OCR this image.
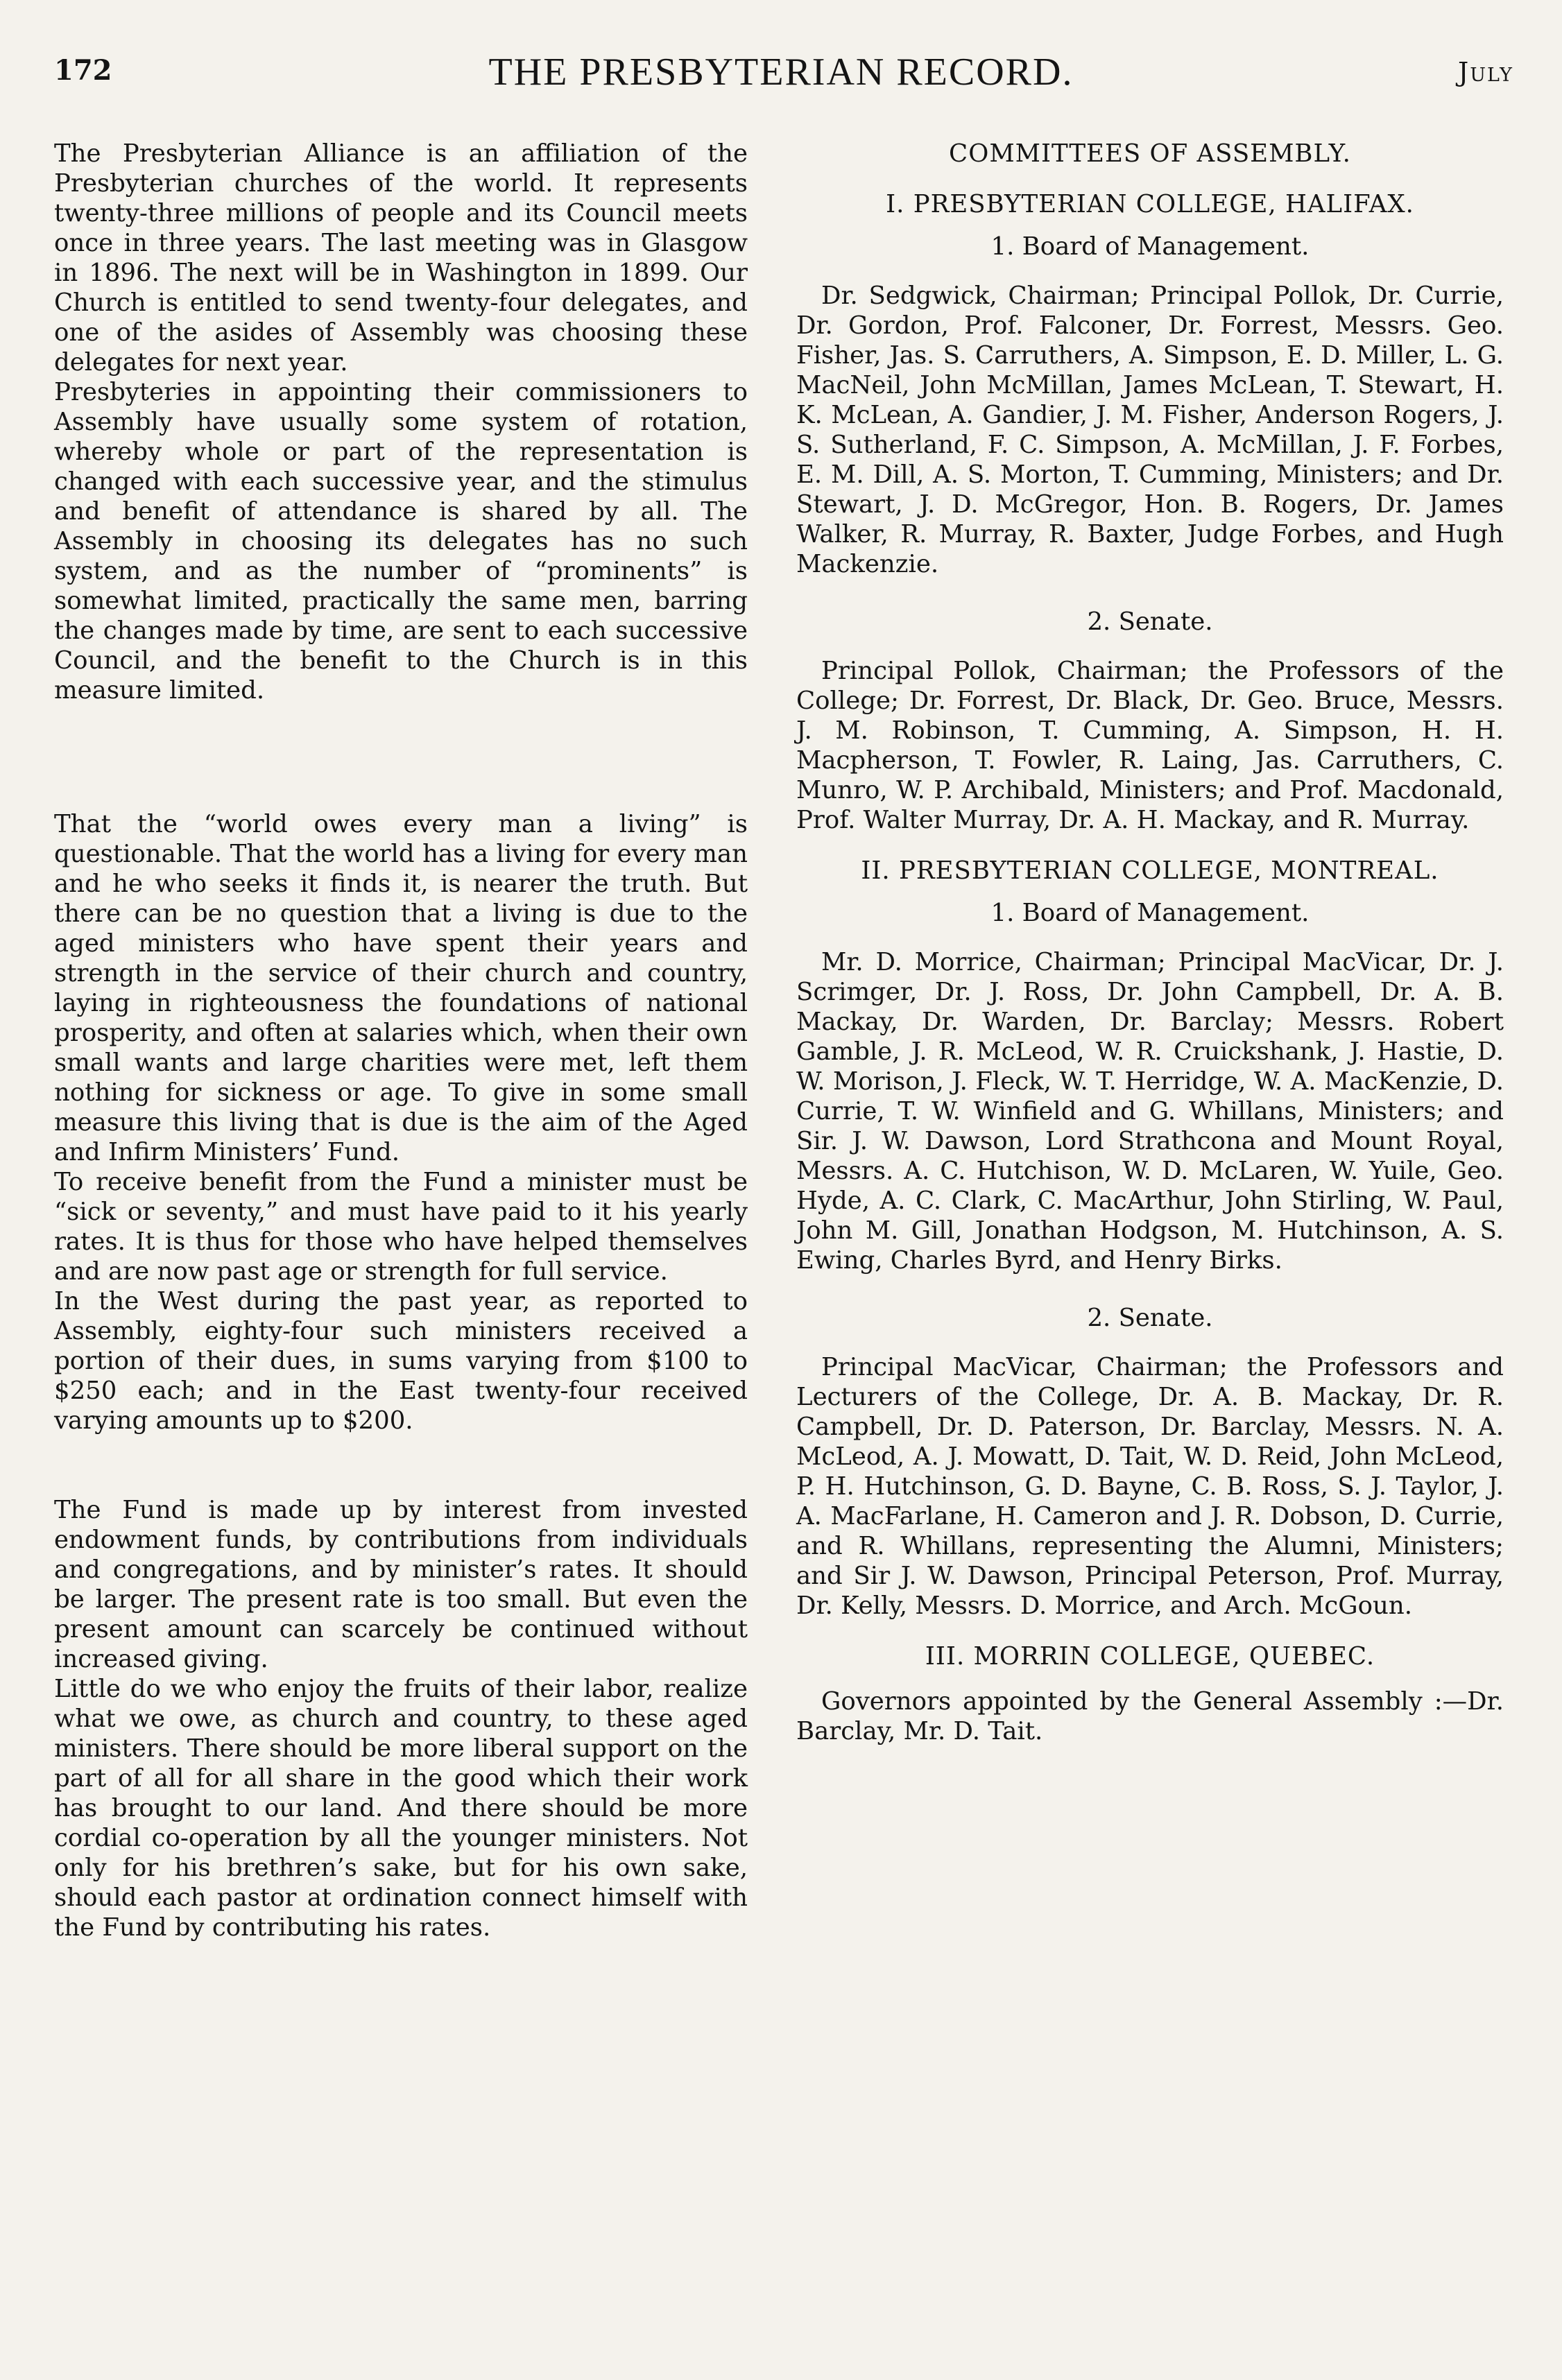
172	THE PRESBYTERIAN RECORD.	July

The Presbyterian Alliance is an affiliation of the Presbyterian churches of the world. It represents twenty-three millions of people and its Council meets once in three years. The last meeting was in Glasgow in 1896. The next will be in Washington in 1899. Our Church is entitled to send twenty-four delegates, and one of the asides of Assembly was choosing these delegates for next year.

Presbyteries in appointing their commissioners to Assembly have usually some system of rotation, whereby whole or part of the representation is changed with each successive year, and the stimulus and benefit of attendance is shared by all. The Assembly in choosing its delegates has no such system, and as the number of “prominents” is somewhat limited, practically the same men, barring the changes made by time, are sent to each successive Council, and the benefit to the Church is in this measure limited.

That the “world owes every man a living” is questionable. That the world has a living for every man and he who seeks it finds it, is nearer the truth. But there can be no question that a living is due to the aged ministers who have spent their years and strength in the service of their church and country, laying in righteousness the foundations of national prosperity, and often at salaries which, when their own small wants and large charities were met, left them nothing for sickness or age. To give in some small measure this living that is due is the aim of the Aged and Infirm Ministers’ Fund.

To receive benefit from the Fund a minister must be “sick or seventy,” and must have paid to it his yearly rates. It is thus for those who have helped themselves and are now past age or strength for full service.

In the West during the past year, as reported to Assembly, eighty-four such ministers received a portion of their dues, in sums varying from $100 to $250 each; and in the East twenty-four received varying amounts up to $200.

The Fund is made up by interest from invested endowment funds, by contributions from individuals and congregations, and by minister’s rates. It should be larger. The present rate is too small. But even the present amount can scarcely be continued without increased giving.

Little do we who enjoy the fruits of their labor, realize what we owe, as church and country, to these aged ministers. There should be more liberal support on the part of all for all share in the good which their work has brought to our land. And there should be more cordial co-operation by all the younger ministers. Not only for his brethren’s sake, but for his own sake, should each pastor at ordination connect himself with the Fund by contributing his rates.

COMMITTEES OF ASSEMBLY.

I. PRESBYTERIAN COLLEGE, HALIFAX.

1. Board of Management.

Dr. Sedgwick, Chairman; Principal Pollok, Dr. Currie, Dr. Gordon, Prof. Falconer, Dr. Forrest, Messrs. Geo. Fisher, Jas. S. Carruthers, A. Simpson, E. D. Miller, L. G. MacNeil, John McMillan, James McLean, T. Stewart, H. K. McLean, A. Gandier, J. M. Fisher, Anderson Rogers, J. S. Sutherland, F. C. Simpson, A. McMillan, J. F. Forbes, E. M. Dill, A. S. Morton, T. Cumming, Ministers; and Dr. Stewart, J. D. McGregor, Hon. B. Rogers, Dr. James Walker, R. Murray, R. Baxter, Judge Forbes, and Hugh Mackenzie.

2. Senate.

Principal Pollok, Chairman; the Professors of the College; Dr. Forrest, Dr. Black, Dr. Geo. Bruce, Messrs. J. M. Robinson, T. Cumming, A. Simpson, H. H. Macpherson, T. Fowler, R. Laing, Jas. Carruthers, C. Munro, W. P. Archibald, Ministers; and Prof. Macdonald, Prof. Walter Murray, Dr. A. H. Mackay, and R. Murray.

II. PRESBYTERIAN COLLEGE, MONTREAL.

1. Board of Management.

Mr. D. Morrice, Chairman; Principal MacVicar, Dr. J. Scrimger, Dr. J. Ross, Dr. John Campbell, Dr. A. B. Mackay, Dr. Warden, Dr. Barclay; Messrs. Robert Gamble, J. R. McLeod, W. R. Cruickshank, J. Hastie, D. W. Morison, J. Fleck, W. T. Herridge, W. A. MacKenzie, D. Currie, T. W. Winfield and G. Whillans, Ministers; and Sir. J. W. Dawson, Lord Strathcona and Mount Royal, Messrs. A. C. Hutchison, W. D. McLaren, W. Yuile, Geo. Hyde, A. C. Clark, C. MacArthur, John Stirling, W. Paul, John M. Gill, Jonathan Hodgson, M. Hutchinson, A. S. Ewing, Charles Byrd, and Henry Birks.

2. Senate.

Principal MacVicar, Chairman; the Professors and Lecturers of the College, Dr. A. B. Mackay, Dr. R. Campbell, Dr. D. Paterson, Dr. Barclay, Messrs. N. A. McLeod, A. J. Mowatt, D. Tait, W. D. Reid, John McLeod, P. H. Hutchinson, G. D. Bayne, C. B. Ross, S. J. Taylor, J. A. MacFarlane, H. Cameron and J. R. Dobson, D. Currie, and R. Whillans, representing the Alumni, Ministers; and Sir J. W. Dawson, Principal Peterson, Prof. Murray, Dr. Kelly, Messrs. D. Morrice, and Arch. McGoun.

III. MORRIN COLLEGE, QUEBEC.

Governors appointed by the General Assembly :—Dr. Barclay, Mr. D. Tait.
